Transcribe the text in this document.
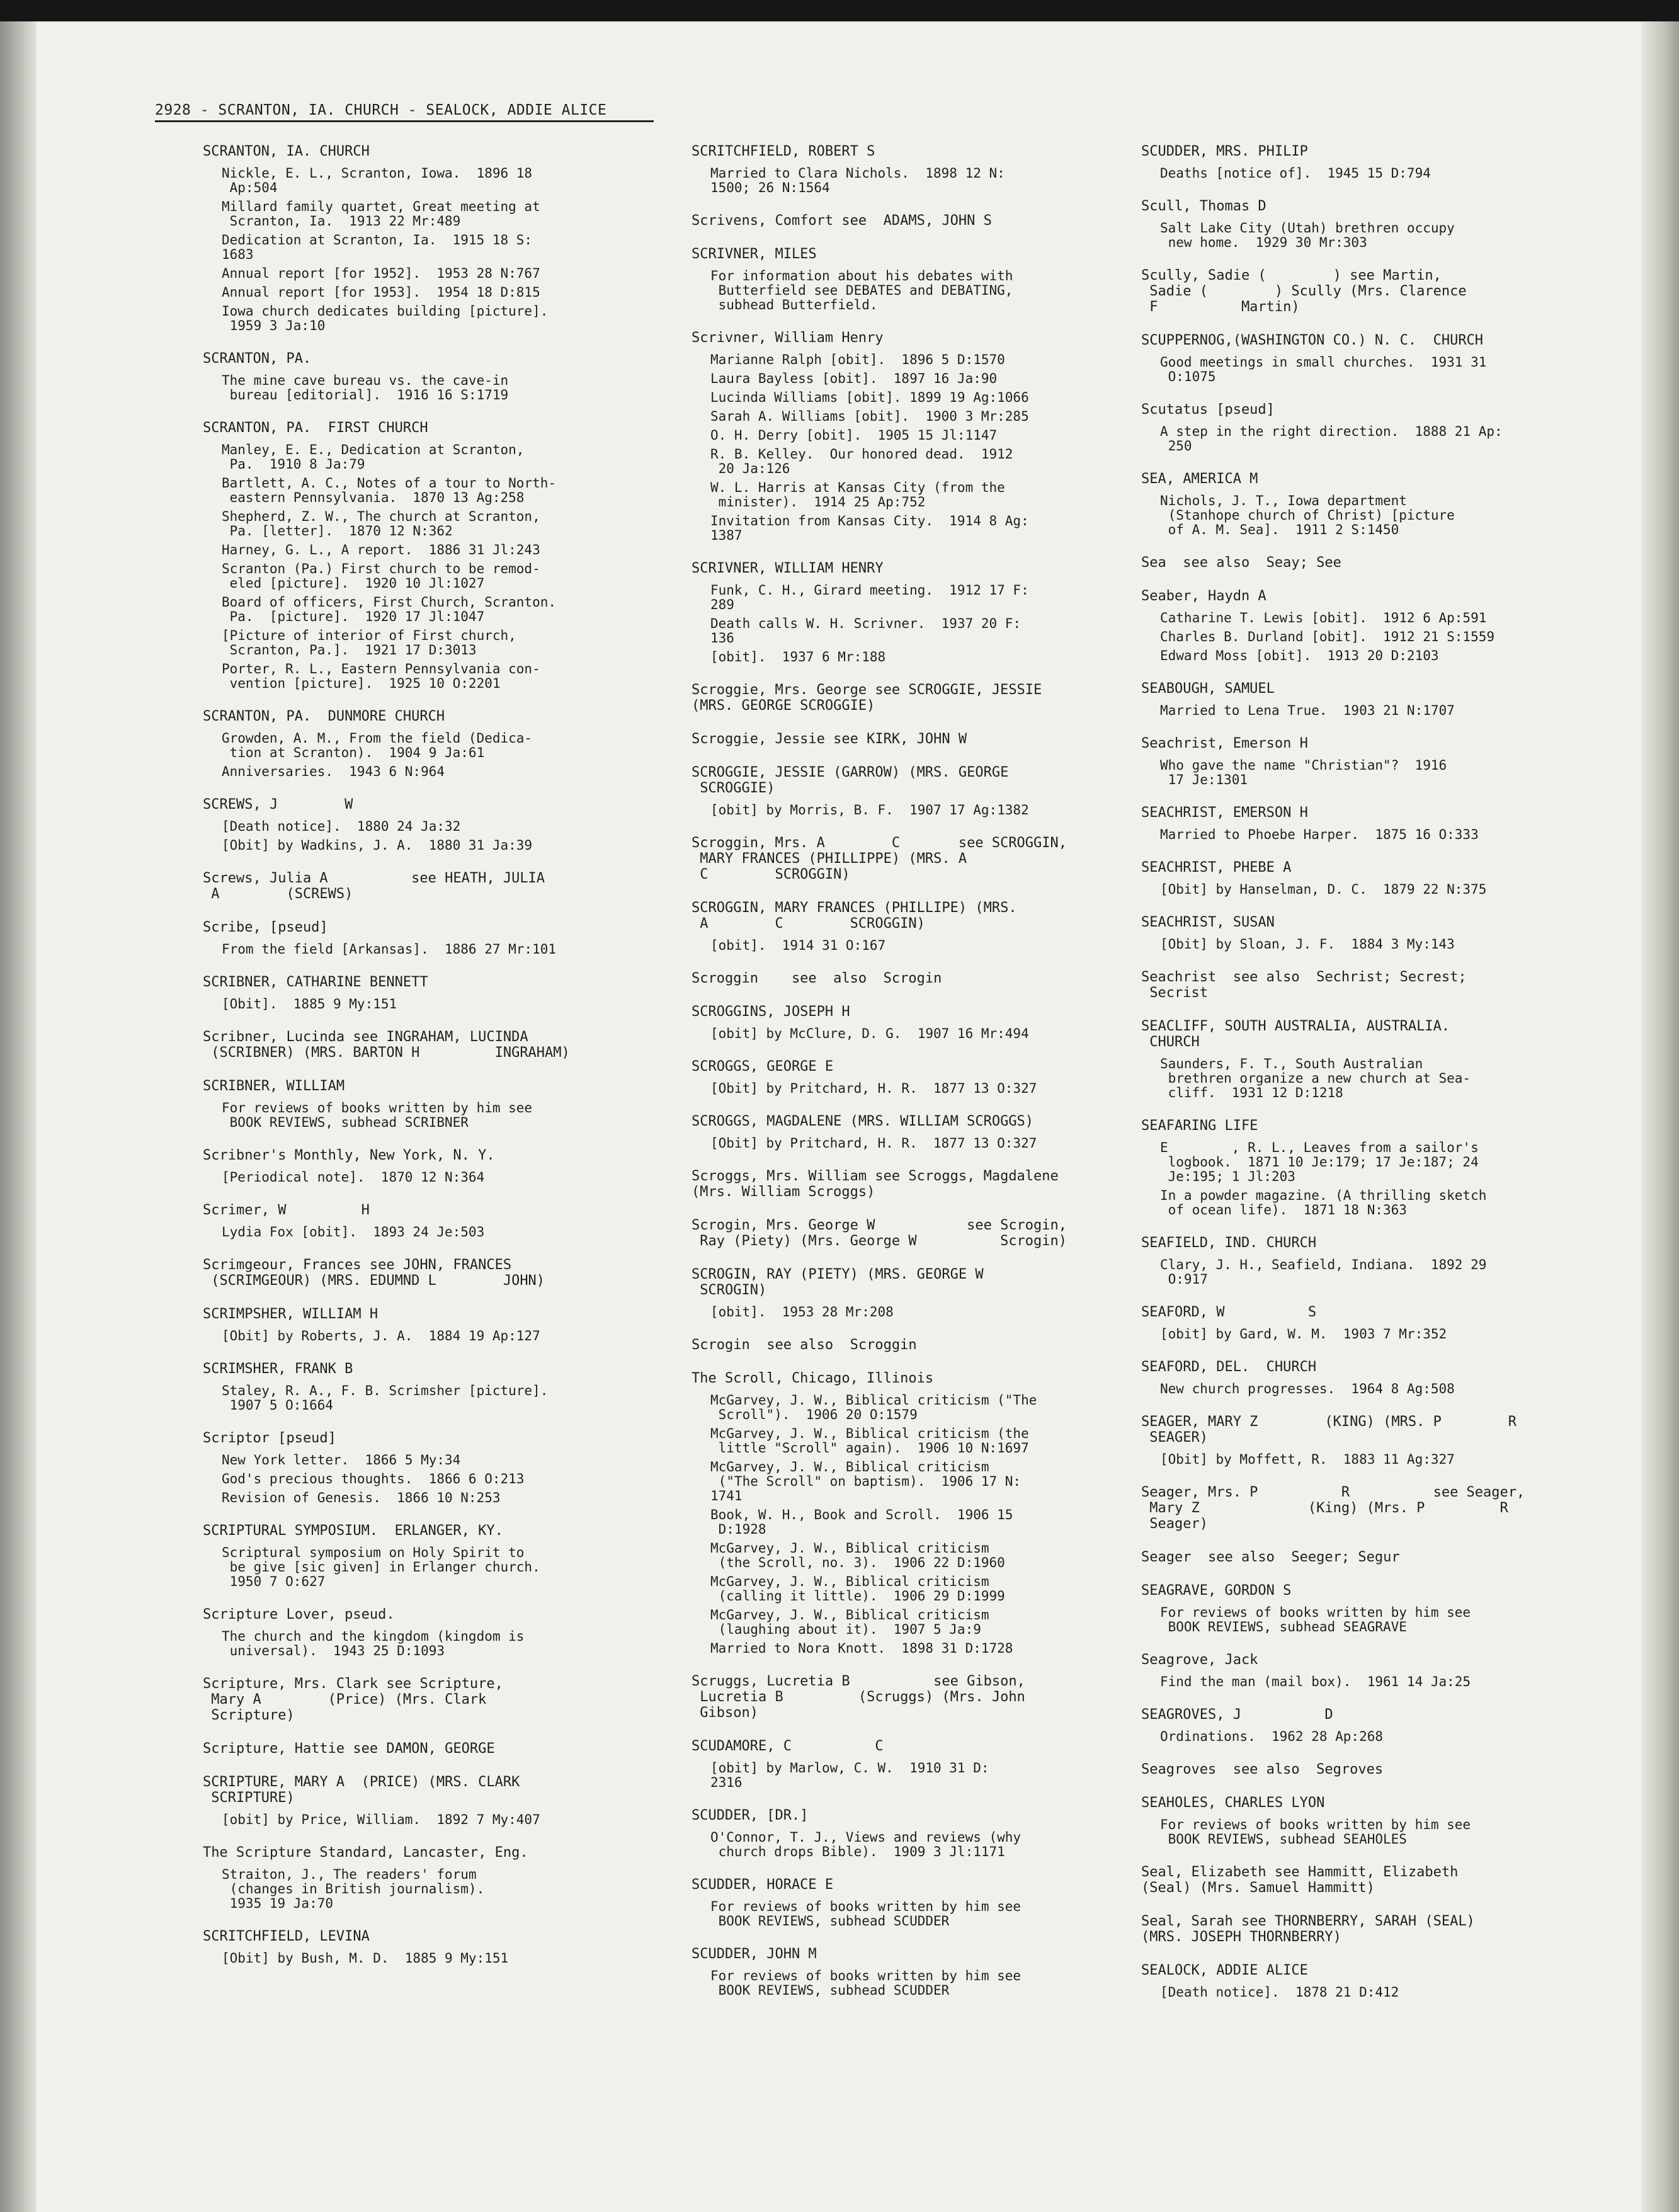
2928 - SCRANTON, IA. CHURCH - SEALOCK, ADDIE ALICE
SCRANTON, IA. CHURCH
Nickle, E. L., Scranton, Iowa.  1896 18
Ap:504
Millard family quartet, Great meeting at
Scranton, Ia.  1913 22 Mr:489
Dedication at Scranton, Ia.  1915 18 S:
1683
Annual report [for 1952].  1953 28 N:767
Annual report [for 1953].  1954 18 D:815
Iowa church dedicates building [picture].
1959 3 Ja:10
SCRANTON, PA.
The mine cave bureau vs. the cave-in
bureau [editorial].  1916 16 S:1719
SCRANTON, PA.  FIRST CHURCH
Manley, E. E., Dedication at Scranton,
Pa.  1910 8 Ja:79
Bartlett, A. C., Notes of a tour to North-
eastern Pennsylvania.  1870 13 Ag:258
Shepherd, Z. W., The church at Scranton,
Pa. [letter].  1870 12 N:362
Harney, G. L., A report.  1886 31 Jl:243
Scranton (Pa.) First church to be remod-
eled [picture].  1920 10 Jl:1027
Board of officers, First Church, Scranton.
Pa.  [picture].  1920 17 Jl:1047
[Picture of interior of First church,
Scranton, Pa.].  1921 17 D:3013
Porter, R. L., Eastern Pennsylvania con-
vention [picture].  1925 10 O:2201
SCRANTON, PA.  DUNMORE CHURCH
Growden, A. M., From the field (Dedica-
tion at Scranton).  1904 9 Ja:61
Anniversaries.  1943 6 N:964
SCREWS, J        W
[Death notice].  1880 24 Ja:32
[Obit] by Wadkins, J. A.  1880 31 Ja:39
Screws, Julia A          see HEATH, JULIA
A        (SCREWS)
Scribe, [pseud]
From the field [Arkansas].  1886 27 Mr:101
SCRIBNER, CATHARINE BENNETT
[Obit].  1885 9 My:151
Scribner, Lucinda see INGRAHAM, LUCINDA
(SCRIBNER) (MRS. BARTON H         INGRAHAM)
SCRIBNER, WILLIAM
For reviews of books written by him see
BOOK REVIEWS, subhead SCRIBNER
Scribner's Monthly, New York, N. Y.
[Periodical note].  1870 12 N:364
Scrimer, W         H
Lydia Fox [obit].  1893 24 Je:503
Scrimgeour, Frances see JOHN, FRANCES
(SCRIMGEOUR) (MRS. EDUMND L        JOHN)
SCRIMPSHER, WILLIAM H
[Obit] by Roberts, J. A.  1884 19 Ap:127
SCRIMSHER, FRANK B
Staley, R. A., F. B. Scrimsher [picture].
1907 5 O:1664
Scriptor [pseud]
New York letter.  1866 5 My:34
God's precious thoughts.  1866 6 O:213
Revision of Genesis.  1866 10 N:253
SCRIPTURAL SYMPOSIUM.  ERLANGER, KY.
Scriptural symposium on Holy Spirit to
be give [sic given] in Erlanger church.
1950 7 O:627
Scripture Lover, pseud.
The church and the kingdom (kingdom is
universal).  1943 25 D:1093
Scripture, Mrs. Clark see Scripture,
Mary A        (Price) (Mrs. Clark
Scripture)
Scripture, Hattie see DAMON, GEORGE
SCRIPTURE, MARY A  (PRICE) (MRS. CLARK
SCRIPTURE)
[obit] by Price, William.  1892 7 My:407
The Scripture Standard, Lancaster, Eng.
Straiton, J., The readers' forum
(changes in British journalism).
1935 19 Ja:70
SCRITCHFIELD, LEVINA
[Obit] by Bush, M. D.  1885 9 My:151
SCRITCHFIELD, ROBERT S
Married to Clara Nichols.  1898 12 N:
1500; 26 N:1564
Scrivens, Comfort see  ADAMS, JOHN S
SCRIVNER, MILES
For information about his debates with
Butterfield see DEBATES and DEBATING,
subhead Butterfield.
Scrivner, William Henry
Marianne Ralph [obit].  1896 5 D:1570
Laura Bayless [obit].  1897 16 Ja:90
Lucinda Williams [obit]. 1899 19 Ag:1066
Sarah A. Williams [obit].  1900 3 Mr:285
O. H. Derry [obit].  1905 15 Jl:1147
R. B. Kelley.  Our honored dead.  1912
20 Ja:126
W. L. Harris at Kansas City (from the
minister).  1914 25 Ap:752
Invitation from Kansas City.  1914 8 Ag:
1387
SCRIVNER, WILLIAM HENRY
Funk, C. H., Girard meeting.  1912 17 F:
289
Death calls W. H. Scrivner.  1937 20 F:
136
[obit].  1937 6 Mr:188
Scroggie, Mrs. George see SCROGGIE, JESSIE
(MRS. GEORGE SCROGGIE)
Scroggie, Jessie see KIRK, JOHN W
SCROGGIE, JESSIE (GARROW) (MRS. GEORGE
SCROGGIE)
[obit] by Morris, B. F.  1907 17 Ag:1382
Scroggin, Mrs. A        C       see SCROGGIN,
MARY FRANCES (PHILLIPPE) (MRS. A
C        SCROGGIN)
SCROGGIN, MARY FRANCES (PHILLIPE) (MRS.
A        C        SCROGGIN)
[obit].  1914 31 O:167
Scroggin    see  also  Scrogin
SCROGGINS, JOSEPH H
[obit] by McClure, D. G.  1907 16 Mr:494
SCROGGS, GEORGE E
[Obit] by Pritchard, H. R.  1877 13 O:327
SCROGGS, MAGDALENE (MRS. WILLIAM SCROGGS)
[Obit] by Pritchard, H. R.  1877 13 O:327
Scroggs, Mrs. William see Scroggs, Magdalene
(Mrs. William Scroggs)
Scrogin, Mrs. George W           see Scrogin,
Ray (Piety) (Mrs. George W          Scrogin)
SCROGIN, RAY (PIETY) (MRS. GEORGE W
SCROGIN)
[obit].  1953 28 Mr:208
Scrogin  see also  Scroggin
The Scroll, Chicago, Illinois
McGarvey, J. W., Biblical criticism ("The
Scroll").  1906 20 O:1579
McGarvey, J. W., Biblical criticism (the
little "Scroll" again).  1906 10 N:1697
McGarvey, J. W., Biblical criticism
("The Scroll" on baptism).  1906 17 N:
1741
Book, W. H., Book and Scroll.  1906 15
D:1928
McGarvey, J. W., Biblical criticism
(the Scroll, no. 3).  1906 22 D:1960
McGarvey, J. W., Biblical criticism
(calling it little).  1906 29 D:1999
McGarvey, J. W., Biblical criticism
(laughing about it).  1907 5 Ja:9
Married to Nora Knott.  1898 31 D:1728
Scruggs, Lucretia B          see Gibson,
Lucretia B         (Scruggs) (Mrs. John
Gibson)
SCUDAMORE, C          C
[obit] by Marlow, C. W.  1910 31 D:
2316
SCUDDER, [DR.]
O'Connor, T. J., Views and reviews (why
church drops Bible).  1909 3 Jl:1171
SCUDDER, HORACE E
For reviews of books written by him see
BOOK REVIEWS, subhead SCUDDER
SCUDDER, JOHN M
For reviews of books written by him see
BOOK REVIEWS, subhead SCUDDER
SCUDDER, MRS. PHILIP
Deaths [notice of].  1945 15 D:794
Scull, Thomas D
Salt Lake City (Utah) brethren occupy
new home.  1929 30 Mr:303
Scully, Sadie (        ) see Martin,
Sadie (        ) Scully (Mrs. Clarence
F          Martin)
SCUPPERNOG,(WASHINGTON CO.) N. C.  CHURCH
Good meetings in small churches.  1931 31
O:1075
Scutatus [pseud]
A step in the right direction.  1888 21 Ap:
250
SEA, AMERICA M
Nichols, J. T., Iowa department
(Stanhope church of Christ) [picture
of A. M. Sea].  1911 2 S:1450
Sea  see also  Seay; See
Seaber, Haydn A
Catharine T. Lewis [obit].  1912 6 Ap:591
Charles B. Durland [obit].  1912 21 S:1559
Edward Moss [obit].  1913 20 D:2103
SEABOUGH, SAMUEL
Married to Lena True.  1903 21 N:1707
Seachrist, Emerson H
Who gave the name "Christian"?  1916
17 Je:1301
SEACHRIST, EMERSON H
Married to Phoebe Harper.  1875 16 O:333
SEACHRIST, PHEBE A
[Obit] by Hanselman, D. C.  1879 22 N:375
SEACHRIST, SUSAN
[Obit] by Sloan, J. F.  1884 3 My:143
Seachrist  see also  Sechrist; Secrest;
Secrist
SEACLIFF, SOUTH AUSTRALIA, AUSTRALIA.
CHURCH
Saunders, F. T., South Australian
brethren organize a new church at Sea-
cliff.  1931 12 D:1218
SEAFARING LIFE
E        , R. L., Leaves from a sailor's
logbook.  1871 10 Je:179; 17 Je:187; 24
Je:195; 1 Jl:203
In a powder magazine. (A thrilling sketch
of ocean life).  1871 18 N:363
SEAFIELD, IND. CHURCH
Clary, J. H., Seafield, Indiana.  1892 29
O:917
SEAFORD, W          S
[obit] by Gard, W. M.  1903 7 Mr:352
SEAFORD, DEL.  CHURCH
New church progresses.  1964 8 Ag:508
SEAGER, MARY Z        (KING) (MRS. P        R
SEAGER)
[Obit] by Moffett, R.  1883 11 Ag:327
Seager, Mrs. P          R          see Seager,
Mary Z             (King) (Mrs. P         R
Seager)
Seager  see also  Seeger; Segur
SEAGRAVE, GORDON S
For reviews of books written by him see
BOOK REVIEWS, subhead SEAGRAVE
Seagrove, Jack
Find the man (mail box).  1961 14 Ja:25
SEAGROVES, J          D
Ordinations.  1962 28 Ap:268
Seagroves  see also  Segroves
SEAHOLES, CHARLES LYON
For reviews of books written by him see
BOOK REVIEWS, subhead SEAHOLES
Seal, Elizabeth see Hammitt, Elizabeth
(Seal) (Mrs. Samuel Hammitt)
Seal, Sarah see THORNBERRY, SARAH (SEAL)
(MRS. JOSEPH THORNBERRY)
SEALOCK, ADDIE ALICE
[Death notice].  1878 21 D:412
